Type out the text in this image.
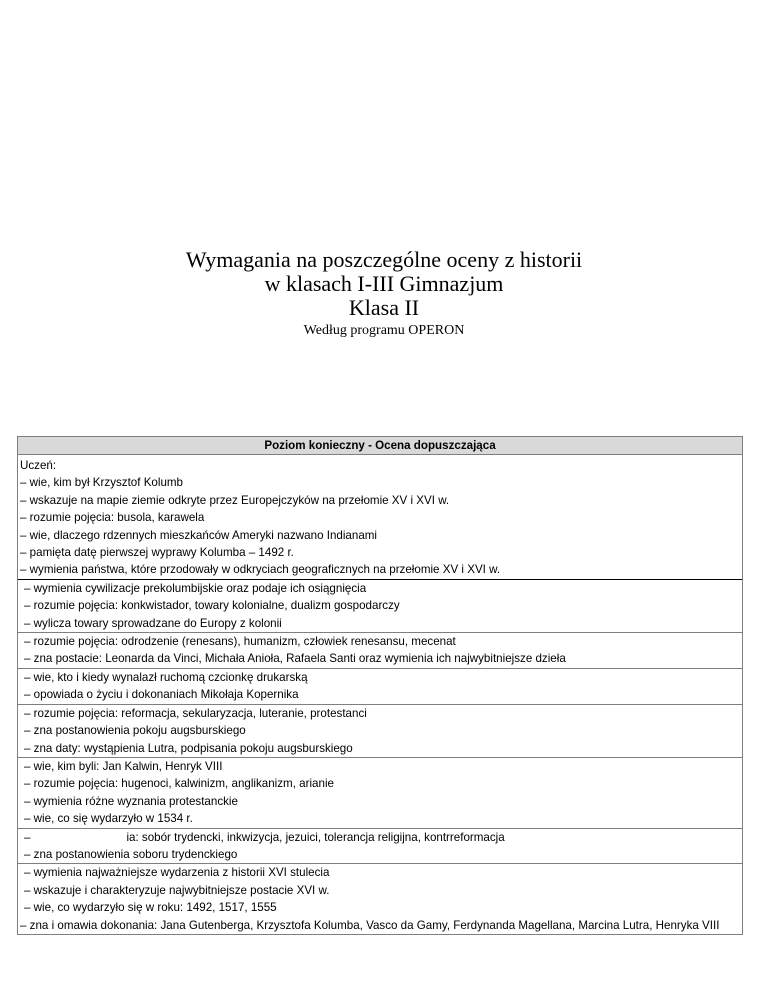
Wymagania na poszczególne oceny z historii
w klasach I-III Gimnazjum
Klasa II
Według programu OPERON
Poziom konieczny - Ocena dopuszczająca
Uczeń:
– wie, kim był Krzysztof Kolumb
– wskazuje na mapie ziemie odkryte przez Europejczyków na przełomie XV i XVI w.
– rozumie pojęcia: busola, karawela
– wie, dlaczego rdzennych mieszkańców Ameryki nazwano Indianami
– pamięta datę pierwszej wyprawy Kolumba – 1492 r.
– wymienia państwa, które przodowały w odkryciach geograficznych na przełomie XV i XVI w.
– wymienia cywilizacje prekolumbijskie oraz podaje ich osiągnięcia
– rozumie pojęcia: konkwistador, towary kolonialne, dualizm gospodarczy
– wylicza towary sprowadzane do Europy z kolonii
– rozumie pojęcia: odrodzenie (renesans), humanizm, człowiek renesansu, mecenat
– zna postacie: Leonarda da Vinci, Michała Anioła, Rafaela Santi oraz wymienia ich najwybitniejsze dzieła
– wie, kto i kiedy wynalazł ruchomą czcionkę drukarską
– opowiada o życiu i dokonaniach Mikołaja Kopernika
– rozumie pojęcia: reformacja, sekularyzacja, luteranie, protestanci
– zna postanowienia pokoju augsburskiego
– zna daty: wystąpienia Lutra, podpisania pokoju augsburskiego
– wie, kim byli: Jan Kalwin, Henryk VIII
– rozumie pojęcia: hugenoci, kalwinizm, anglikanizm, arianie
– wymienia różne wyznania protestanckie
– wie, co się wydarzyło w 1534 r.
–	ia: sobór trydencki, inkwizycja, jezuici, tolerancja religijna, kontrreformacja
– zna postanowienia soboru trydenckiego
– wymienia najważniejsze wydarzenia z historii XVI stulecia
– wskazuje i charakteryzuje najwybitniejsze postacie XVI w.
– wie, co wydarzyło się w roku: 1492, 1517, 1555
– zna i omawia dokonania: Jana Gutenberga, Krzysztofa Kolumba, Vasco da Gamy, Ferdynanda Magellana, Marcina Lutra, Henryka VIII
